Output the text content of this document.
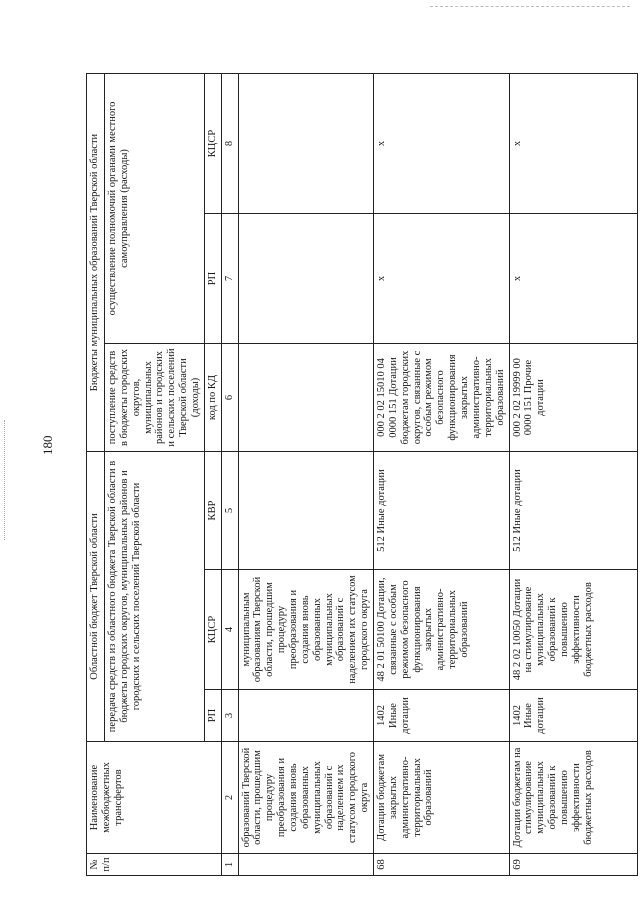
180
№ п/п	Наименование межбюджетных трансфертов	Областной бюджет Тверской области			Бюджеты муниципальных образований Тверской области		
		передача средств из областного бюджета Тверской области в бюджеты городских округов, муниципальных районов и городских и сельских поселений Тверской области			поступление средств в бюджеты городских округов, муниципальных районов и городских и сельских поселений Тверской области (доходы)	осуществление полномочий органами местного самоуправления (расходы)	
		РП	КЦСР	КВР	код по КД	РП	КЦСР
1	2	3	4	5	6	7	8
	образований Тверской области, прошедшим процедуру преобразования и создания вновь образованных муниципальных образований с наделением их статусом городского округа		муниципальным образованиям Тверской области, прошедшим процедуру преобразования и создания вновь образованных муниципальных образований с наделением их статусом городского округа				
68	Дотации бюджетам закрытых административно-территориальных образований	1402 Иные дотации	48 2 01 50100 Дотации, связанные с особым режимом безопасного функционирования закрытых административно-территориальных образований	512 Иные дотации	000 2 02 15010 04 0000 151 Дотации бюджетам городских округов, связанные с особым режимом безопасного функционирования закрытых административно-территориальных образований	х	х
69	Дотации бюджетам на стимулирование муниципальных образований к повышению эффективности бюджетных расходов	1402 Иные дотации	48 2 02 10050 Дотации на стимулирование муниципальных образований к повышению эффективности бюджетных расходов	512 Иные дотации	000 2 02 19999 00 0000 151 Прочие дотации	х	х
